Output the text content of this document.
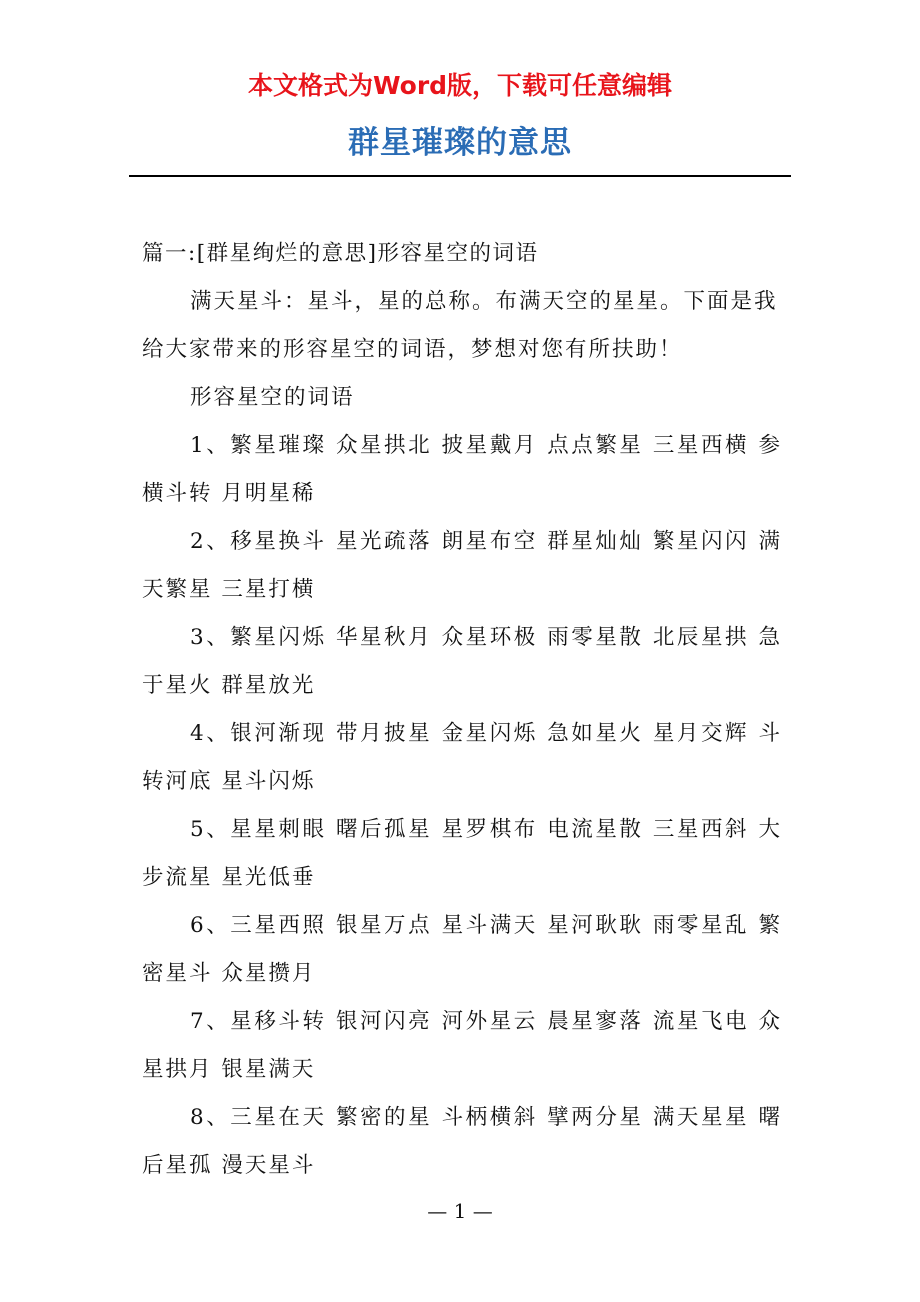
本文格式为Word版，下载可任意编辑
群星璀璨的意思

篇一:[群星绚烂的意思]形容星空的词语

满天星斗：星斗，星的总称。布满天空的星星。下面是我给大家带来的形容星空的词语，梦想对您有所扶助！

形容星空的词语

1、繁星璀璨 众星拱北 披星戴月 点点繁星 三星西横 参横斗转 月明星稀

2、移星换斗 星光疏落 朗星布空 群星灿灿 繁星闪闪 满天繁星 三星打横

3、繁星闪烁 华星秋月 众星环极 雨零星散 北辰星拱 急于星火 群星放光

4、银河渐现 带月披星 金星闪烁 急如星火 星月交辉 斗转河底 星斗闪烁

5、星星刺眼 曙后孤星 星罗棋布 电流星散 三星西斜 大步流星 星光低垂

6、三星西照 银星万点 星斗满天 星河耿耿 雨零星乱 繁密星斗 众星攒月

7、星移斗转 银河闪亮 河外星云 晨星寥落 流星飞电 众星拱月 银星满天

8、三星在天 繁密的星 斗柄横斜 擘两分星 满天星星 曙后星孤 漫天星斗

— 1 —
